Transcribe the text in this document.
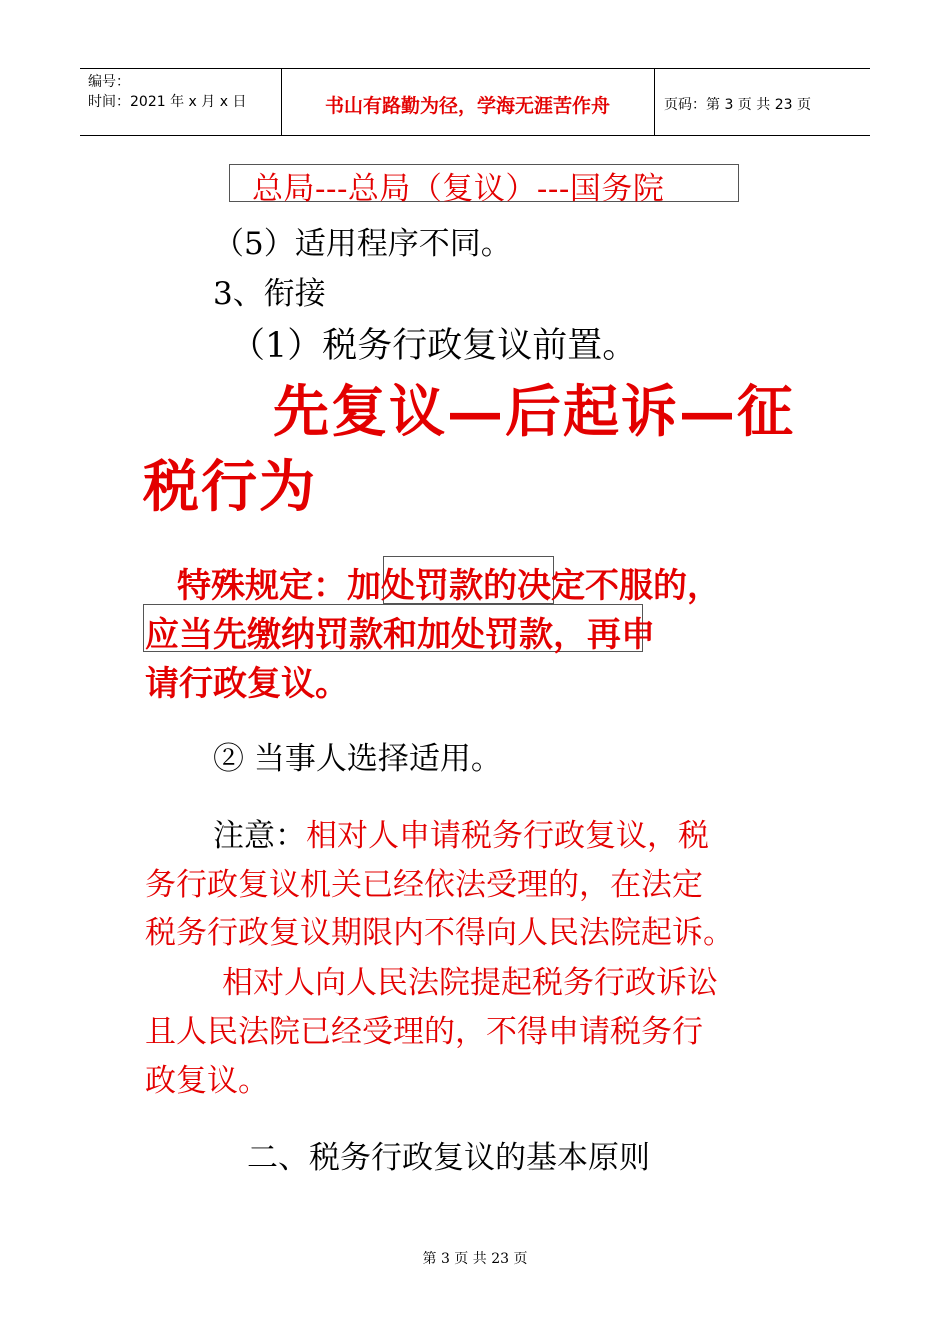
编号：
时间：2021 年 x 月 x 日	书山有路勤为径，学海无涯苦作舟	页码：第 3 页 共 23 页
总局---总局（复议）---国务院
（5）适用程序不同。
3、衔接
（1）税务行政复议前置。
先复议—后起诉—征
税行为
特殊规定：加处罚款的决定不服的，
应当先缴纳罚款和加处罚款，再申
请行政复议。
② 当事人选择适用。
注意：相对人申请税务行政复议，税
务行政复议机关已经依法受理的，在法定
税务行政复议期限内不得向人民法院起诉。
相对人向人民法院提起税务行政诉讼
且人民法院已经受理的，不得申请税务行
政复议。
二、税务行政复议的基本原则
第 3 页 共 23 页
